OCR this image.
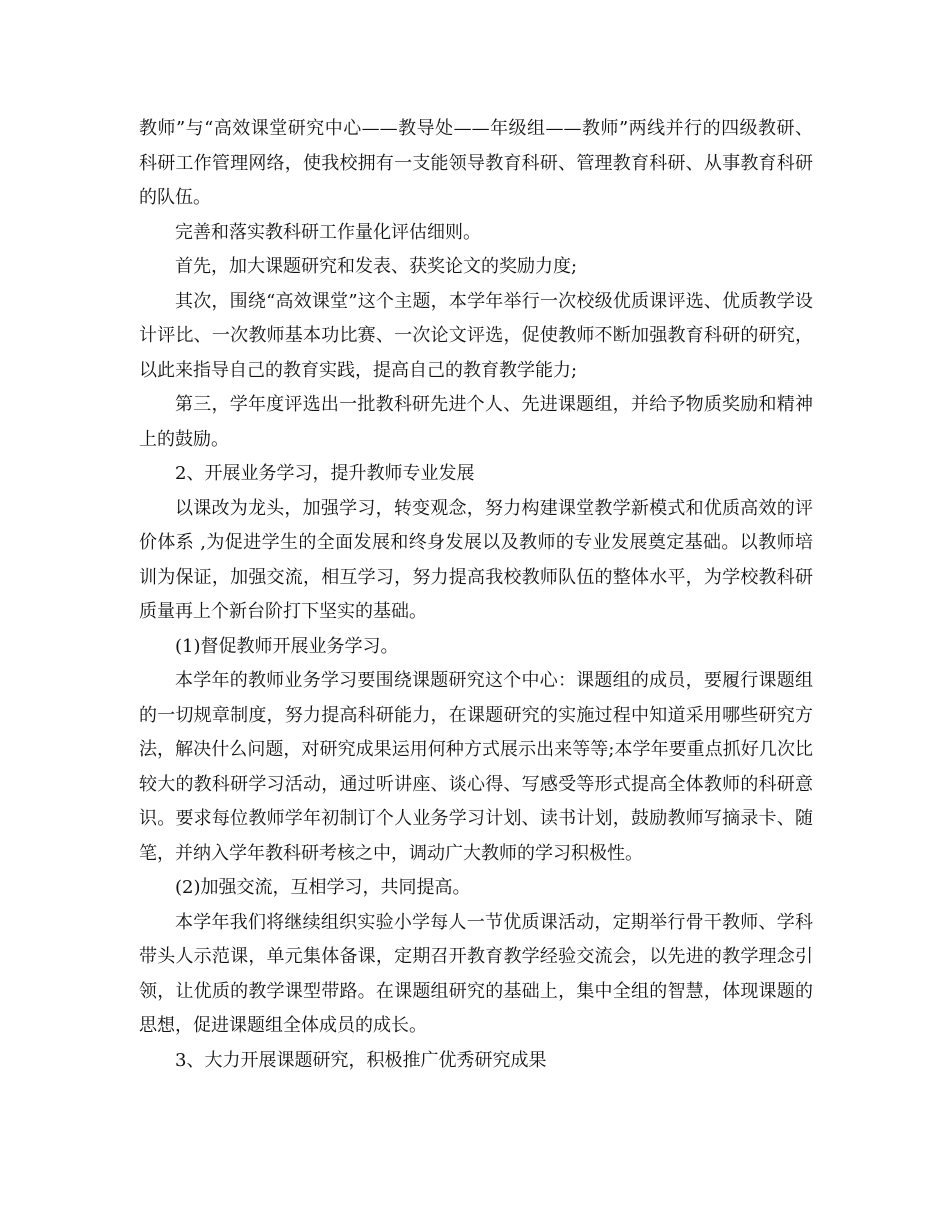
教师”与“高效课堂研究中心——教导处——年级组——教师”两线并行的四级教研、科研工作管理网络，使我校拥有一支能领导教育科研、管理教育科研、从事教育科研的队伍。

完善和落实教科研工作量化评估细则。

首先，加大课题研究和发表、获奖论文的奖励力度;

其次，围绕“高效课堂”这个主题，本学年举行一次校级优质课评选、优质教学设计评比、一次教师基本功比赛、一次论文评选，促使教师不断加强教育科研的研究，以此来指导自己的教育实践，提高自己的教育教学能力;

第三，学年度评选出一批教科研先进个人、先进课题组，并给予物质奖励和精神上的鼓励。

2、开展业务学习，提升教师专业发展

以课改为龙头，加强学习，转变观念，努力构建课堂教学新模式和优质高效的评价体系 ,为促进学生的全面发展和终身发展以及教师的专业发展奠定基础。以教师培训为保证，加强交流，相互学习，努力提高我校教师队伍的整体水平，为学校教科研质量再上个新台阶打下坚实的基础。

(1)督促教师开展业务学习。

本学年的教师业务学习要围绕课题研究这个中心：课题组的成员，要履行课题组的一切规章制度，努力提高科研能力，在课题研究的实施过程中知道采用哪些研究方法，解决什么问题，对研究成果运用何种方式展示出来等等;本学年要重点抓好几次比较大的教科研学习活动，通过听讲座、谈心得、写感受等形式提高全体教师的科研意识。要求每位教师学年初制订个人业务学习计划、读书计划，鼓励教师写摘录卡、随笔，并纳入学年教科研考核之中，调动广大教师的学习积极性。

(2)加强交流，互相学习，共同提高。

本学年我们将继续组织实验小学每人一节优质课活动，定期举行骨干教师、学科带头人示范课，单元集体备课，定期召开教育教学经验交流会，以先进的教学理念引领，让优质的教学课型带路。在课题组研究的基础上，集中全组的智慧，体现课题的思想，促进课题组全体成员的成长。

3、大力开展课题研究，积极推广优秀研究成果
